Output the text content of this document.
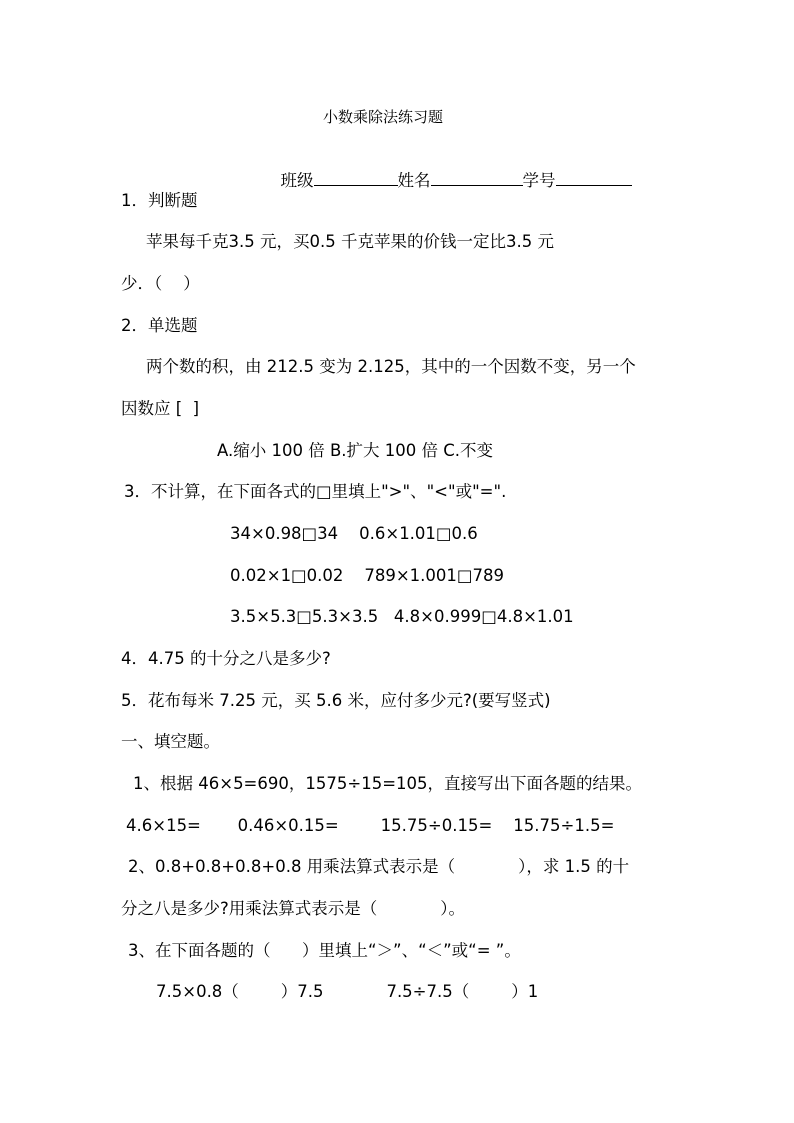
小数乘除法练习题

班级	姓名	学号

1．判断题
苹果每千克3.5 元，买0.5 千克苹果的价钱一定比3.5 元
少．（    ）
2．单选题
两个数的积，由 212.5 变为 2.125，其中的一个因数不变，另一个
因数应 [  ]
A.缩小 100 倍 B.扩大 100 倍 C.不变
3．不计算，在下面各式的□里填上">"、"<"或"=".
34×0.98□34    0.6×1.01□0.6
0.02×1□0.02    789×1.001□789
3.5×5.3□5.3×3.5   4.8×0.999□4.8×1.01
4．4.75 的十分之八是多少?
5．花布每米 7.25 元，买 5.6 米，应付多少元?(要写竖式)
一、填空题。
1、根据 46×5=690，1575÷15=105，直接写出下面各题的结果。
4.6×15=       0.46×0.15=        15.75÷0.15=    15.75÷1.5=
2、0.8+0.8+0.8+0.8 用乘法算式表示是（            ），求 1.5 的十
分之八是多少?用乘法算式表示是（            ）。
3、在下面各题的（      ）里填上“＞”、“＜”或“= ”。
7.5×0.8（        ）7.5            7.5÷7.5（        ）1
